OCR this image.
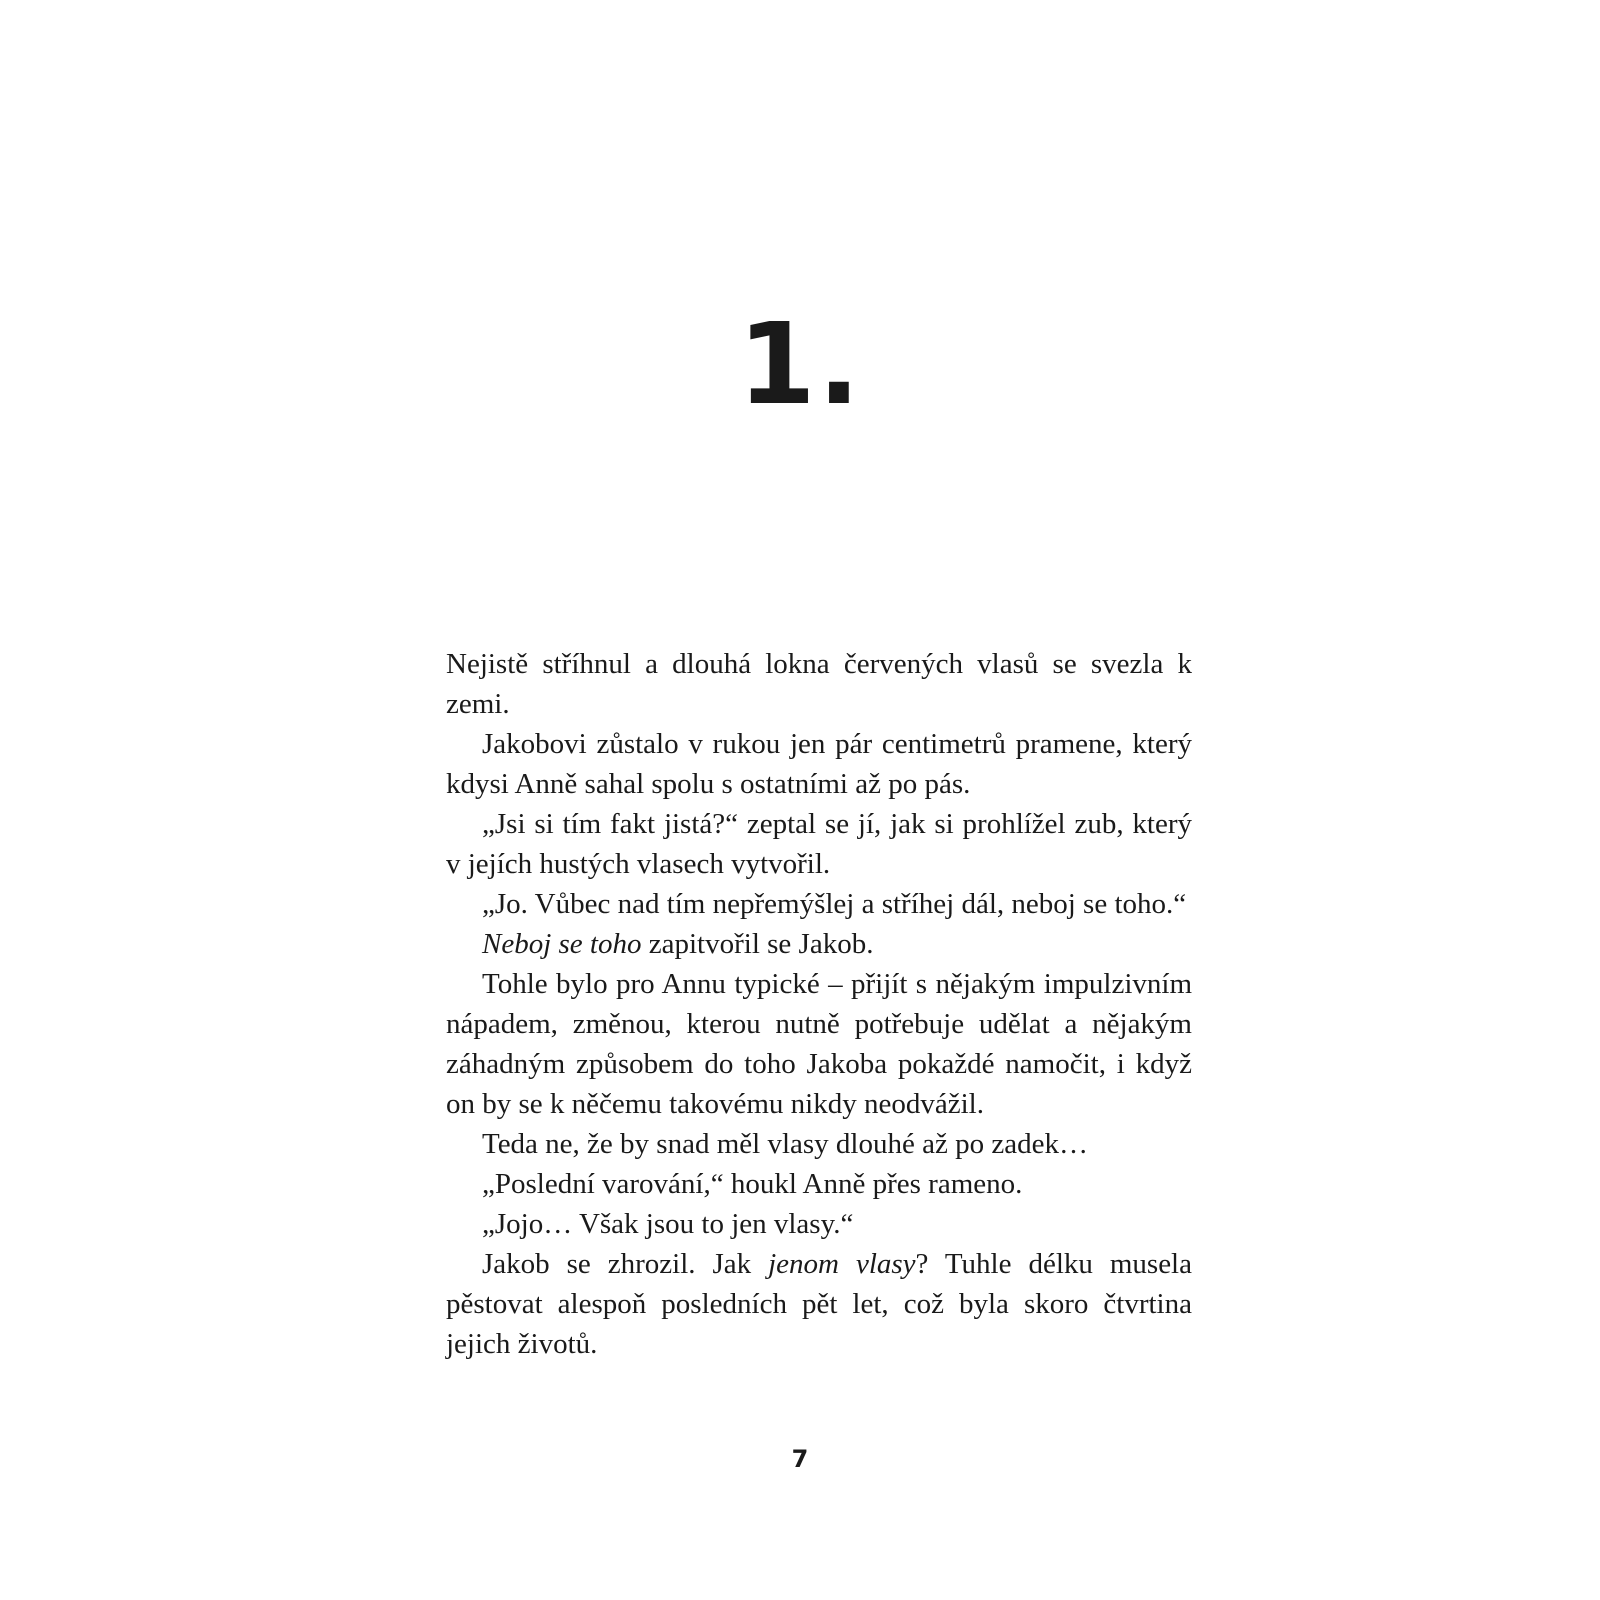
1.

Nejistě stříhnul a dlouhá lokna červených vlasů se svezla k zemi.

Jakobovi zůstalo v rukou jen pár centimetrů pramene, který kdysi Anně sahal spolu s ostatními až po pás.

„Jsi si tím fakt jistá?“ zeptal se jí, jak si prohlížel zub, který v jejích hustých vlasech vytvořil.

„Jo. Vůbec nad tím nepřemýšlej a stříhej dál, neboj se toho.“

Neboj se toho zapitvořil se Jakob.

Tohle bylo pro Annu typické – přijít s nějakým impulzivním nápadem, změnou, kterou nutně potřebuje udělat a nějakým záhadným způsobem do toho Jakoba pokaždé namočit, i když on by se k něčemu takovému nikdy neodvážil.

Teda ne, že by snad měl vlasy dlouhé až po zadek…

„Poslední varování,“ houkl Anně přes rameno.

„Jojo… Však jsou to jen vlasy.“

Jakob se zhrozil. Jak jenom vlasy? Tuhle délku musela pěstovat alespoň posledních pět let, což byla skoro čtvrtina jejich životů.

7
